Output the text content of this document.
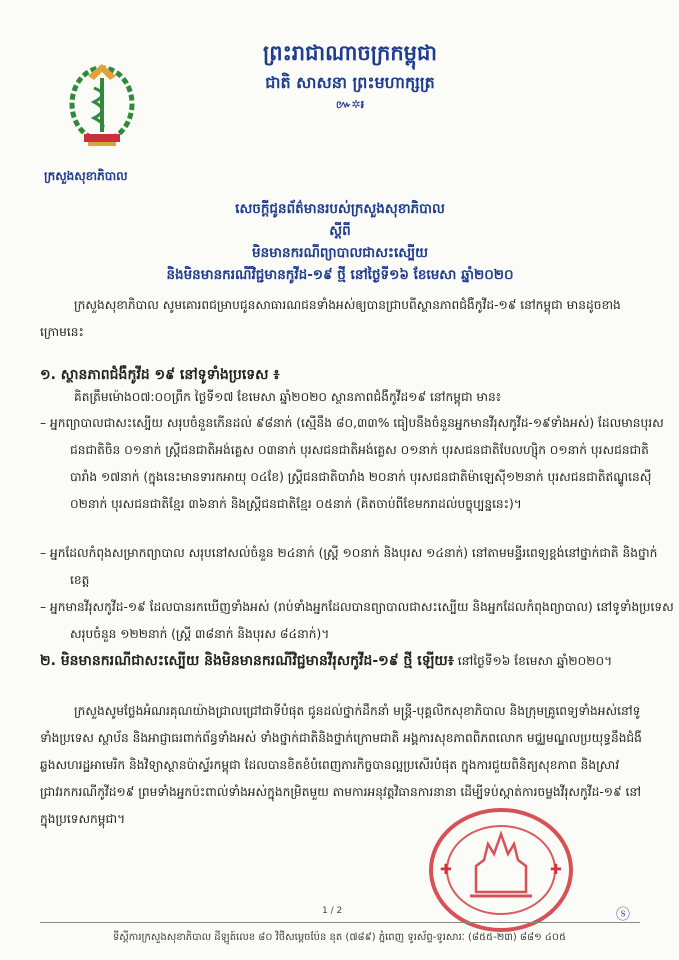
ព្រះរាជាណាចក្រកម្ពុជា
ជាតិ សាសនា ព្រះមហាក្សត្រ
៚✲៛
ក្រសួងសុខាភិបាល
សេចក្តីជូនព័ត៌មានរបស់ក្រសួងសុខាភិបាល
ស្តីពី
មិនមានករណីព្យាបាលជាសះស្បើយ
និងមិនមានករណីវិជ្ជមានកូវីដ-១៩ ថ្មី នៅថ្ងៃទី១៦ ខែមេសា ឆ្នាំ២០២០
ក្រសួងសុខាភិបាល សូមគោរពជម្រាបជូនសាធារណជនទាំងអស់ឲ្យបានជ្រាបពីស្ថានភាពជំងឺកូវីដ-១៩ នៅកម្ពុជា មានដូចខាងក្រោមនេះ
១. ស្ថានភាពជំងឺកូវីដ ១៩ នៅទូទាំងប្រទេស ៖
គិតត្រឹមម៉ោង០៧:០០ព្រឹក ថ្ងៃទី១៧ ខែមេសា ឆ្នាំ២០២០ ស្ថានភាពជំងឺកូវីដ១៩ នៅកម្ពុជា មាន៖
– អ្នកព្យាបាលជាសះស្បើយ សរុបចំនួនកើនដល់ ៩៨នាក់ (ស្មើនឹង ៨០,៣៣% ធៀបនឹងចំនួនអ្នកមានវីរុសកូវីដ-១៩ទាំងអស់) ដែលមានបុរសជនជាតិចិន ០១នាក់ ស្ត្រីជនជាតិអង់គ្លេស ០៣នាក់ បុរសជនជាតិអង់គ្លេស ០១នាក់ បុរសជនជាតិបែលហ្ស៊ិក ០១នាក់ បុរសជនជាតិបារាំង ១៧នាក់ (ក្នុងនេះមានទារកអាយុ ០៤ខែ) ស្ត្រីជនជាតិបារាំង ២០នាក់ បុរសជនជាតិម៉ាឡេស៊ី១២នាក់ បុរសជនជាតិឥណ្ឌូនេស៊ី ០២នាក់ បុរសជនជាតិខ្មែរ ៣៦នាក់ និងស្ត្រីជនជាតិខ្មែរ ០៥នាក់ (គិតចាប់ពីខែមករាដល់បច្ចុប្បន្ននេះ)។
– អ្នកដែលកំពុងសម្រាកព្យាបាល សរុបនៅសល់ចំនួន ២៤នាក់ (ស្ត្រី ១០នាក់ និងបុរស ១៤នាក់) នៅតាមមន្ទីរពេទ្យខ្ពង់នៅថ្នាក់ជាតិ និងថ្នាក់ខេត្ត
– អ្នកមានវីរុសកូវីដ-១៩ ដែលបានរកឃើញទាំងអស់ (រាប់ទាំងអ្នកដែលបានព្យាបាលជាសះស្បើយ និងអ្នកដែលកំពុងព្យាបាល) នៅទូទាំងប្រទេសសរុបចំនួន ១២២នាក់ (ស្ត្រី ៣៨នាក់ និងបុរស ៨៤នាក់)។
២. មិនមានករណីជាសះស្បើយ និងមិនមានករណីវិជ្ជមានវីរុសកូវីដ-១៩ ថ្មី ឡើយ៖ នៅថ្ងៃទី១៦ ខែមេសា ឆ្នាំ២០២០។
ក្រសួងសូមថ្លែងអំណរគុណយ៉ាងជ្រាលជ្រៅជាទីបំផុត ជូនដល់ថ្នាក់ដឹកនាំ មន្ត្រី-បុគ្គលិកសុខាភិបាល និងក្រុមគ្រូពេទ្យទាំងអស់នៅទូទាំងប្រទេស ស្ថាប័ន និងអាជ្ញាធរពាក់ព័ន្ធទាំងអស់ ទាំងថ្នាក់ជាតិនិងថ្នាក់ក្រោមជាតិ អង្គការសុខភាពពិភពលោក មជ្ឈមណ្ឌលប្រយុទ្ធនឹងជំងឺឆ្លងសហរដ្ឋអាមេរិក និងវិទ្យាស្ថានប៉ាស្ទ័រកម្ពុជា ដែលបានខិតខំបំពេញភារកិច្ចបានល្អប្រសើរបំផុត ក្នុងការជួយពិនិត្យសុខភាព និងស្រាវជ្រាវរកករណីកូវីដ១៩ ព្រមទាំងអ្នកប៉ះពាល់ទាំងអស់ក្នុងកម្រិតមួយ តាមការអនុវត្តវិធានការនានា ដើម្បីទប់ស្កាត់ការចម្លងវីរុសកូវីដ-១៩ នៅក្នុងប្រទេសកម្ពុជា។
✚	✚
ⓢ
1 / 2
ទីស្តីការក្រសួងសុខាភិបាល ដីឡូត៍លេខ ៨០ វិថីសម្តេចប៉ែន នុត (៧៨៩) ភ្នំពេញ ទូរស័ព្ទ-ទូរសារៈ (៨៥៥-២៣) ៨៨១ ៤០៥
